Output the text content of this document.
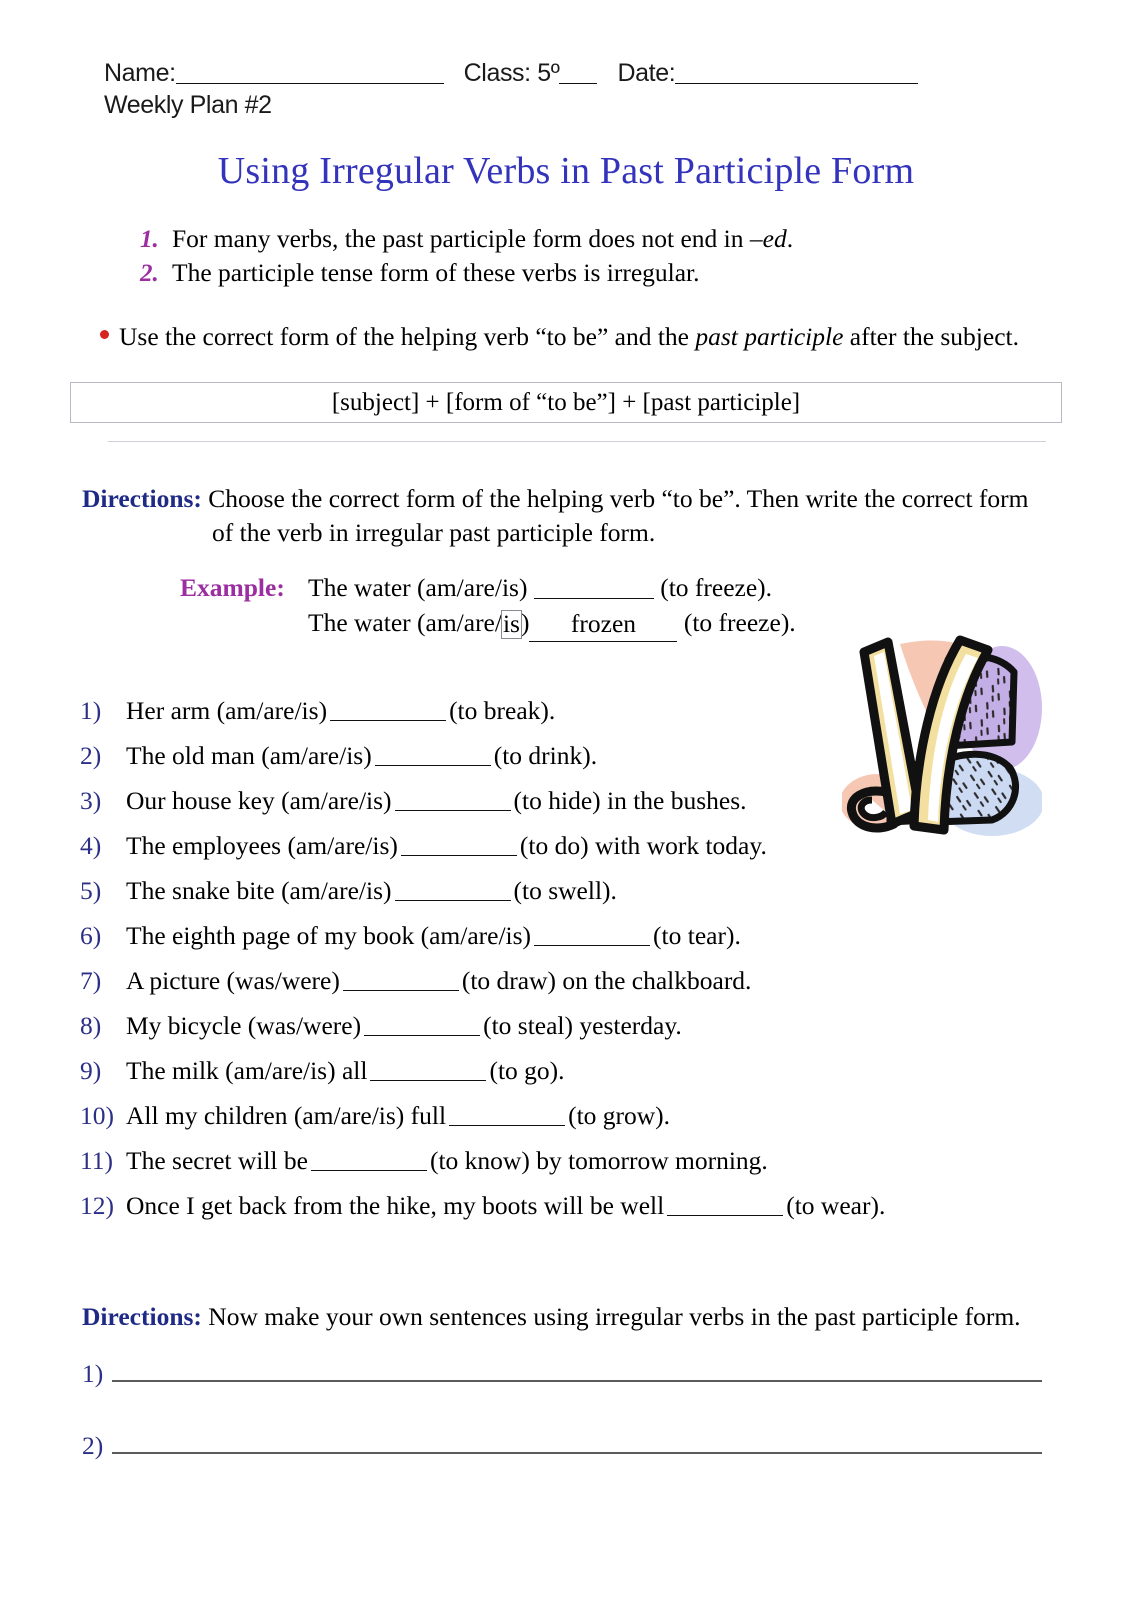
Name:	Class: 5º Date:
Weekly Plan #2
Using Irregular Verbs in Past Participle Form
1. For many verbs, the past participle form does not end in –ed.
2. The participle tense form of these verbs is irregular.
Use the correct form of the helping verb “to be” and the past participle after the subject.
[subject] + [form of “to be”] + [past participle]
Directions: Choose the correct form of the helping verb “to be”. Then write the correct form
of the verb in irregular past participle form.
Example: The water (am/are/is)	(to freeze).
The water (am/are/is) frozen (to freeze).
1) Her arm (am/are/is)	(to break).
2) The old man (am/are/is)	(to drink).
3) Our house key (am/are/is)	(to hide) in the bushes.
4) The employees (am/are/is)	(to do) with work today.
5) The snake bite (am/are/is)	(to swell).
6) The eighth page of my book (am/are/is)	(to tear).
7) A picture (was/were)	(to draw) on the chalkboard.
8) My bicycle (was/were)	(to steal) yesterday.
9) The milk (am/are/is) all	(to go).
10) All my children (am/are/is) full	(to grow).
11) The secret will be	(to know) by tomorrow morning.
12) Once I get back from the hike, my boots will be well	(to wear).
Directions: Now make your own sentences using irregular verbs in the past participle form.
1)
2)
